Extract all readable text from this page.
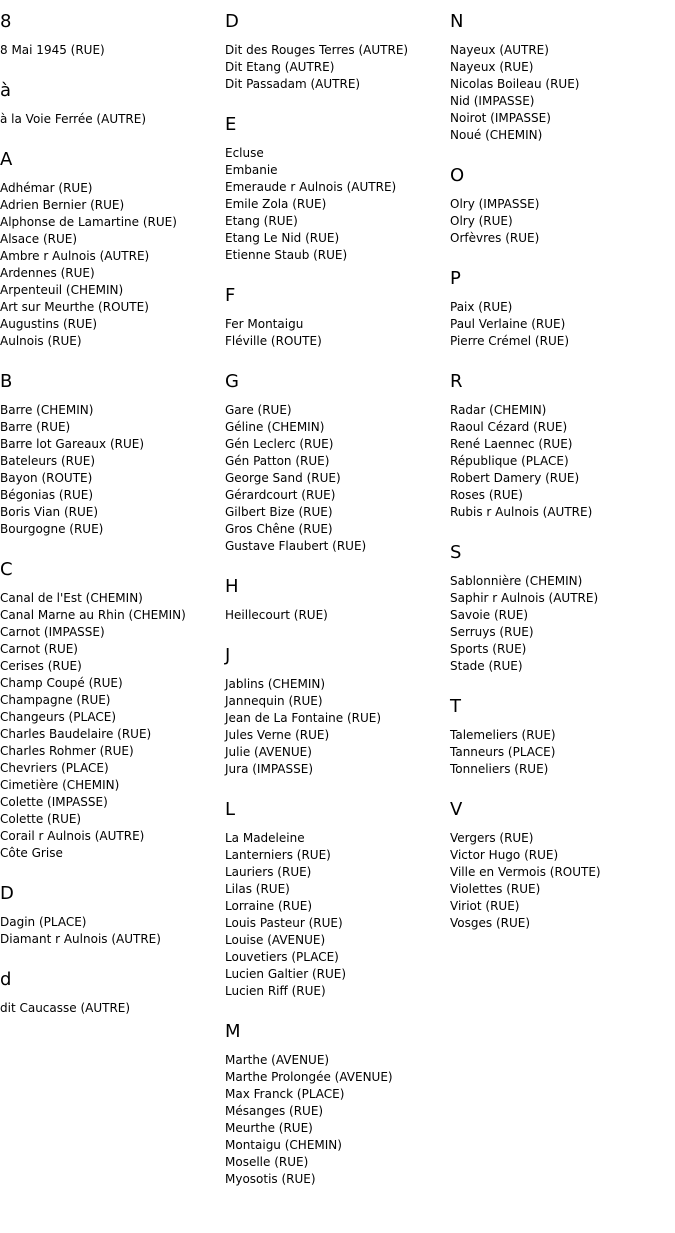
8
8 Mai 1945 (RUE)
à
à la Voie Ferrée (AUTRE)
A
Adhémar (RUE)
Adrien Bernier (RUE)
Alphonse de Lamartine (RUE)
Alsace (RUE)
Ambre r Aulnois (AUTRE)
Ardennes (RUE)
Arpenteuil (CHEMIN)
Art sur Meurthe (ROUTE)
Augustins (RUE)
Aulnois (RUE)
B
Barre (CHEMIN)
Barre (RUE)
Barre lot Gareaux (RUE)
Bateleurs (RUE)
Bayon (ROUTE)
Bégonias (RUE)
Boris Vian (RUE)
Bourgogne (RUE)
C
Canal de l'Est (CHEMIN)
Canal Marne au Rhin (CHEMIN)
Carnot (IMPASSE)
Carnot (RUE)
Cerises (RUE)
Champ Coupé (RUE)
Champagne (RUE)
Changeurs (PLACE)
Charles Baudelaire (RUE)
Charles Rohmer (RUE)
Chevriers (PLACE)
Cimetière (CHEMIN)
Colette (IMPASSE)
Colette (RUE)
Corail r Aulnois (AUTRE)
Côte Grise
D
Dagin (PLACE)
Diamant r Aulnois (AUTRE)
d
dit Caucasse (AUTRE)
D
Dit des Rouges Terres (AUTRE)
Dit Etang (AUTRE)
Dit Passadam (AUTRE)
E
Ecluse
Embanie
Emeraude r Aulnois (AUTRE)
Emile Zola (RUE)
Etang (RUE)
Etang Le Nid (RUE)
Etienne Staub (RUE)
F
Fer Montaigu
Fléville (ROUTE)
G
Gare (RUE)
Géline (CHEMIN)
Gén Leclerc (RUE)
Gén Patton (RUE)
George Sand (RUE)
Gérardcourt (RUE)
Gilbert Bize (RUE)
Gros Chêne (RUE)
Gustave Flaubert (RUE)
H
Heillecourt (RUE)
J
Jablins (CHEMIN)
Jannequin (RUE)
Jean de La Fontaine (RUE)
Jules Verne (RUE)
Julie (AVENUE)
Jura (IMPASSE)
L
La Madeleine
Lanterniers (RUE)
Lauriers (RUE)
Lilas (RUE)
Lorraine (RUE)
Louis Pasteur (RUE)
Louise (AVENUE)
Louvetiers (PLACE)
Lucien Galtier (RUE)
Lucien Riff (RUE)
M
Marthe (AVENUE)
Marthe Prolongée (AVENUE)
Max Franck (PLACE)
Mésanges (RUE)
Meurthe (RUE)
Montaigu (CHEMIN)
Moselle (RUE)
Myosotis (RUE)
N
Nayeux (AUTRE)
Nayeux (RUE)
Nicolas Boileau (RUE)
Nid (IMPASSE)
Noirot (IMPASSE)
Noué (CHEMIN)
O
Olry (IMPASSE)
Olry (RUE)
Orfèvres (RUE)
P
Paix (RUE)
Paul Verlaine (RUE)
Pierre Crémel (RUE)
R
Radar (CHEMIN)
Raoul Cézard (RUE)
René Laennec (RUE)
République (PLACE)
Robert Damery (RUE)
Roses (RUE)
Rubis r Aulnois (AUTRE)
S
Sablonnière (CHEMIN)
Saphir r Aulnois (AUTRE)
Savoie (RUE)
Serruys (RUE)
Sports (RUE)
Stade (RUE)
T
Talemeliers (RUE)
Tanneurs (PLACE)
Tonneliers (RUE)
V
Vergers (RUE)
Victor Hugo (RUE)
Ville en Vermois (ROUTE)
Violettes (RUE)
Viriot (RUE)
Vosges (RUE)
